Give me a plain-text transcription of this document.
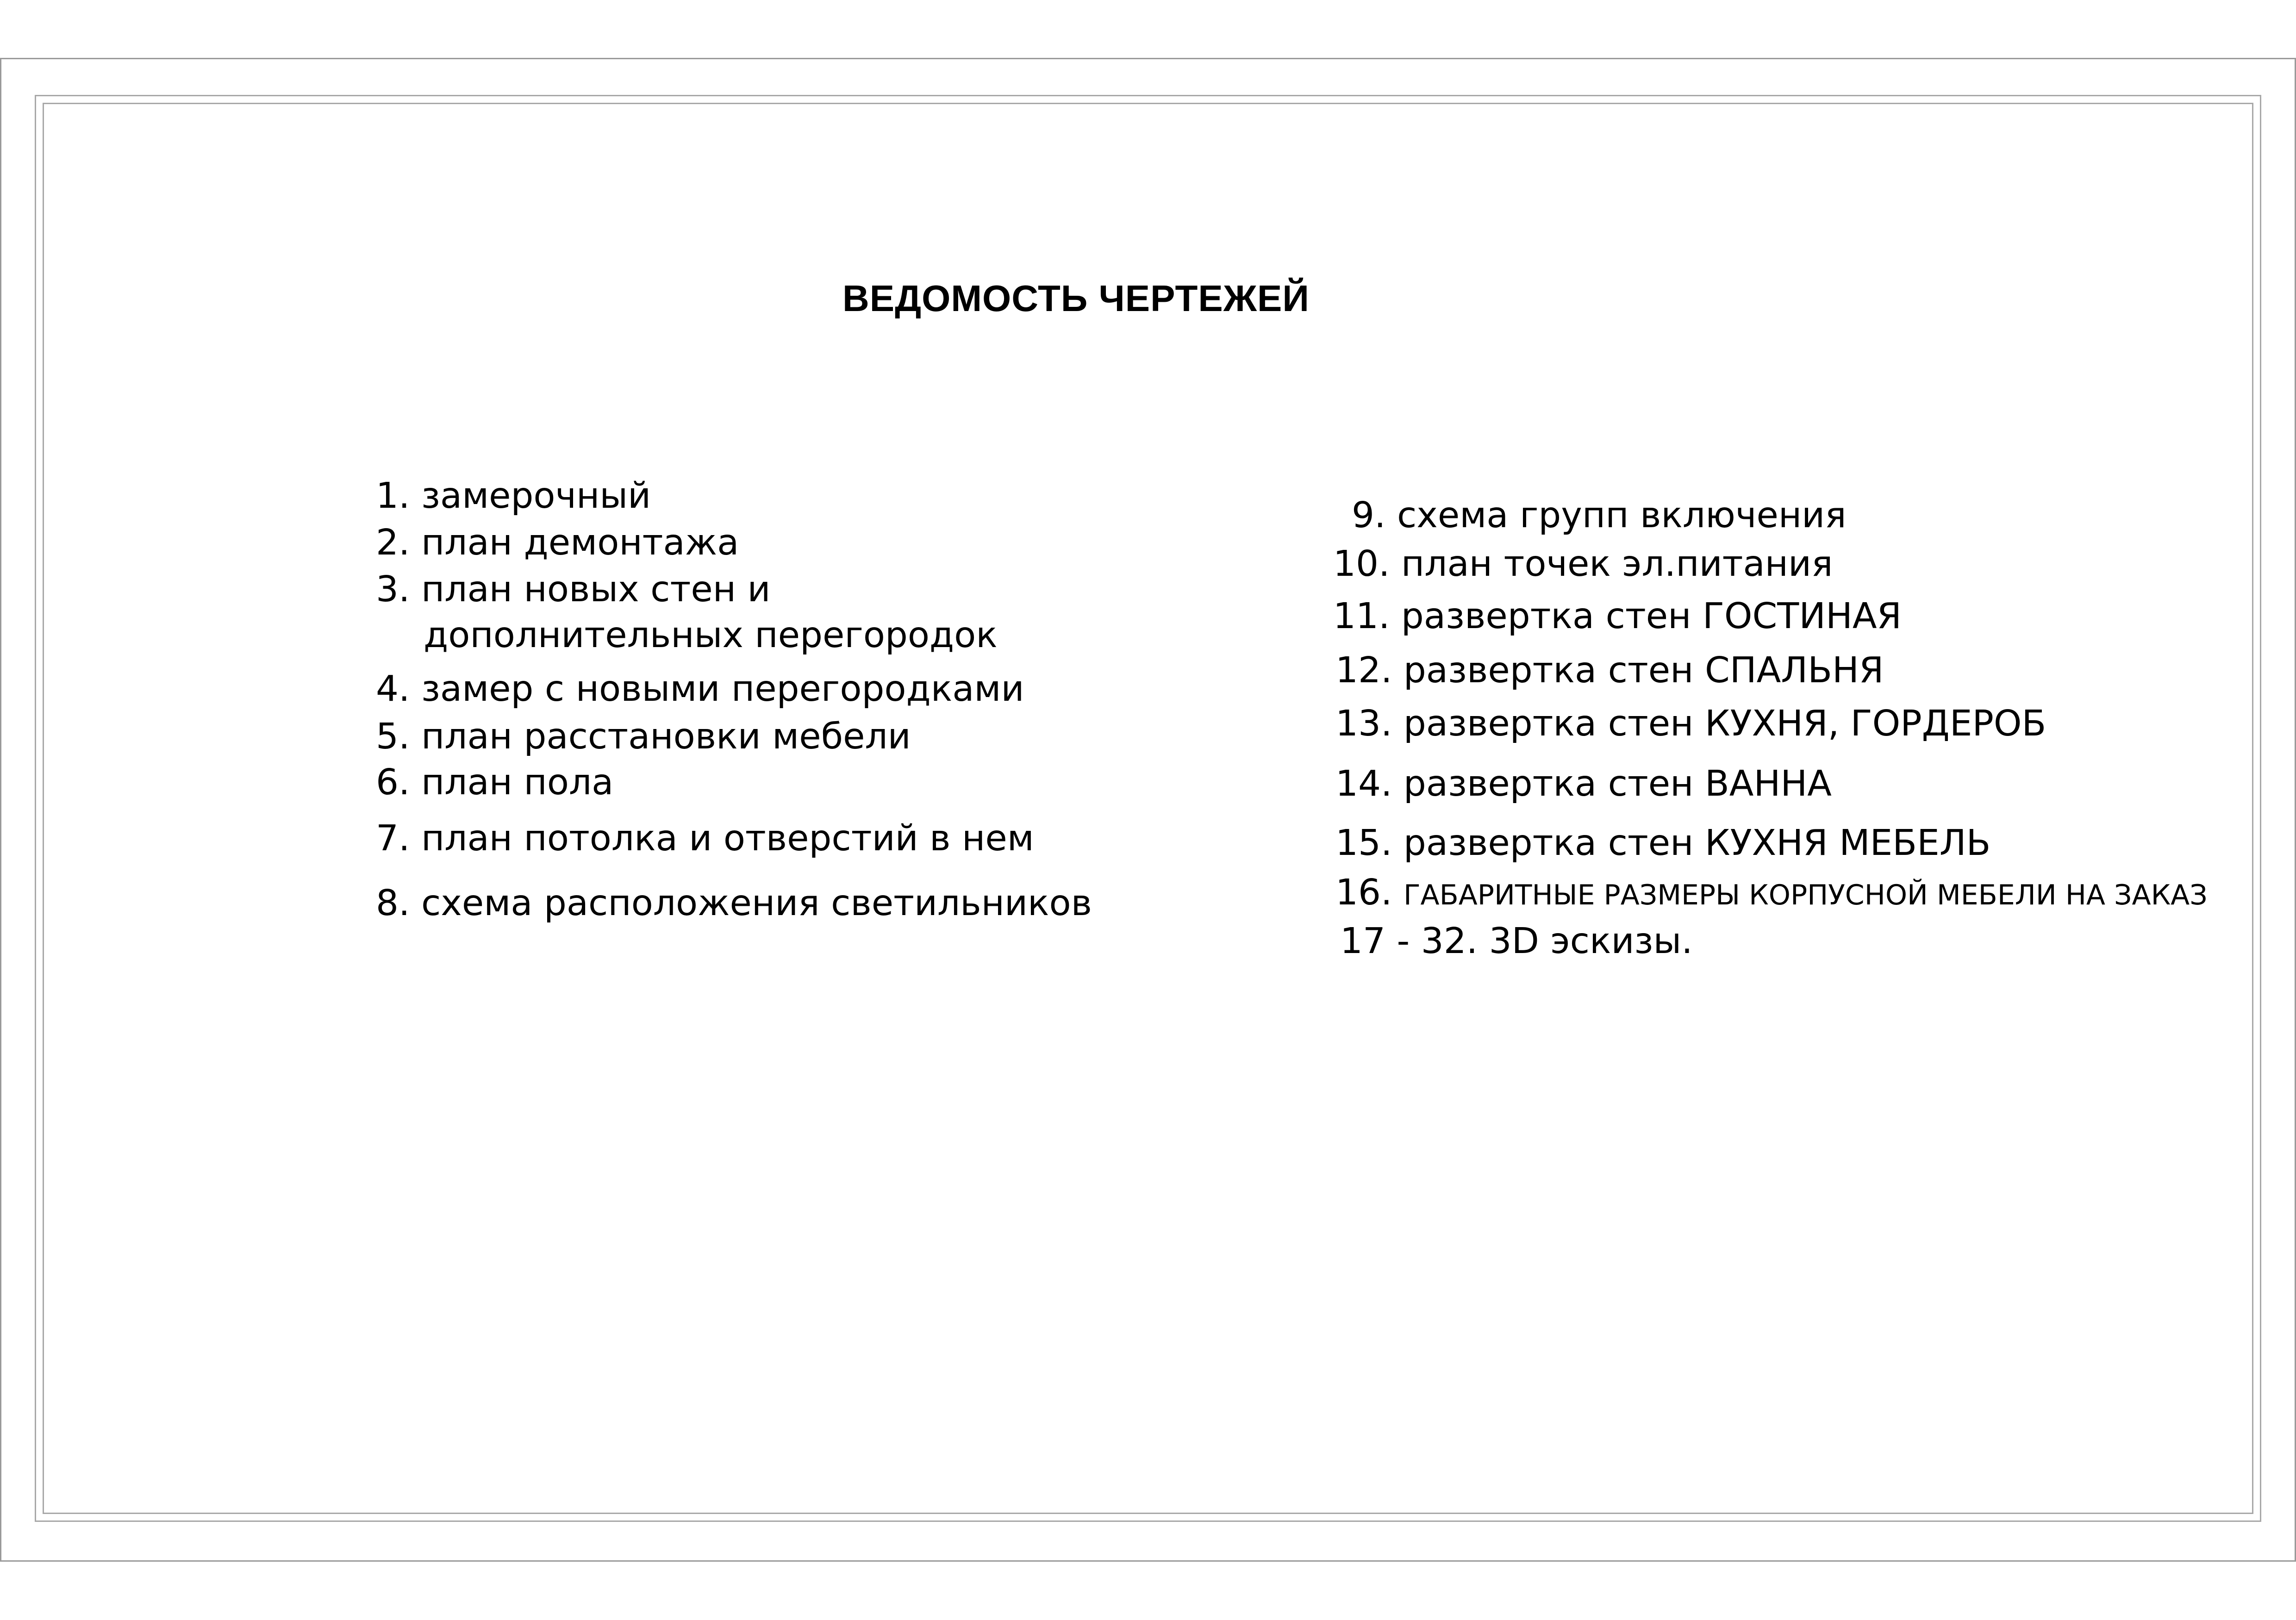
ВЕДОМОСТЬ ЧЕРТЕЖЕЙ
1. замерочный
2. план демонтажа
3. план новых стен и
дополнительных перегородок
4. замер с новыми перегородками
5. план расстановки мебели
6. план пола
7. план потолка и отверстий в нем
8. схема расположения светильников
9. схема групп включения
10. план точек эл.питания
11. развертка стен ГОСТИНАЯ
12. развертка стен СПАЛЬНЯ
13. развертка стен КУХНЯ, ГОРДЕРОБ
14. развертка стен ВАННА
15. развертка стен КУХНЯ МЕБЕЛЬ
16. ГАБАРИТНЫЕ РАЗМЕРЫ КОРПУСНОЙ МЕБЕЛИ НА ЗАКАЗ
17 - 32. 3D эскизы.
